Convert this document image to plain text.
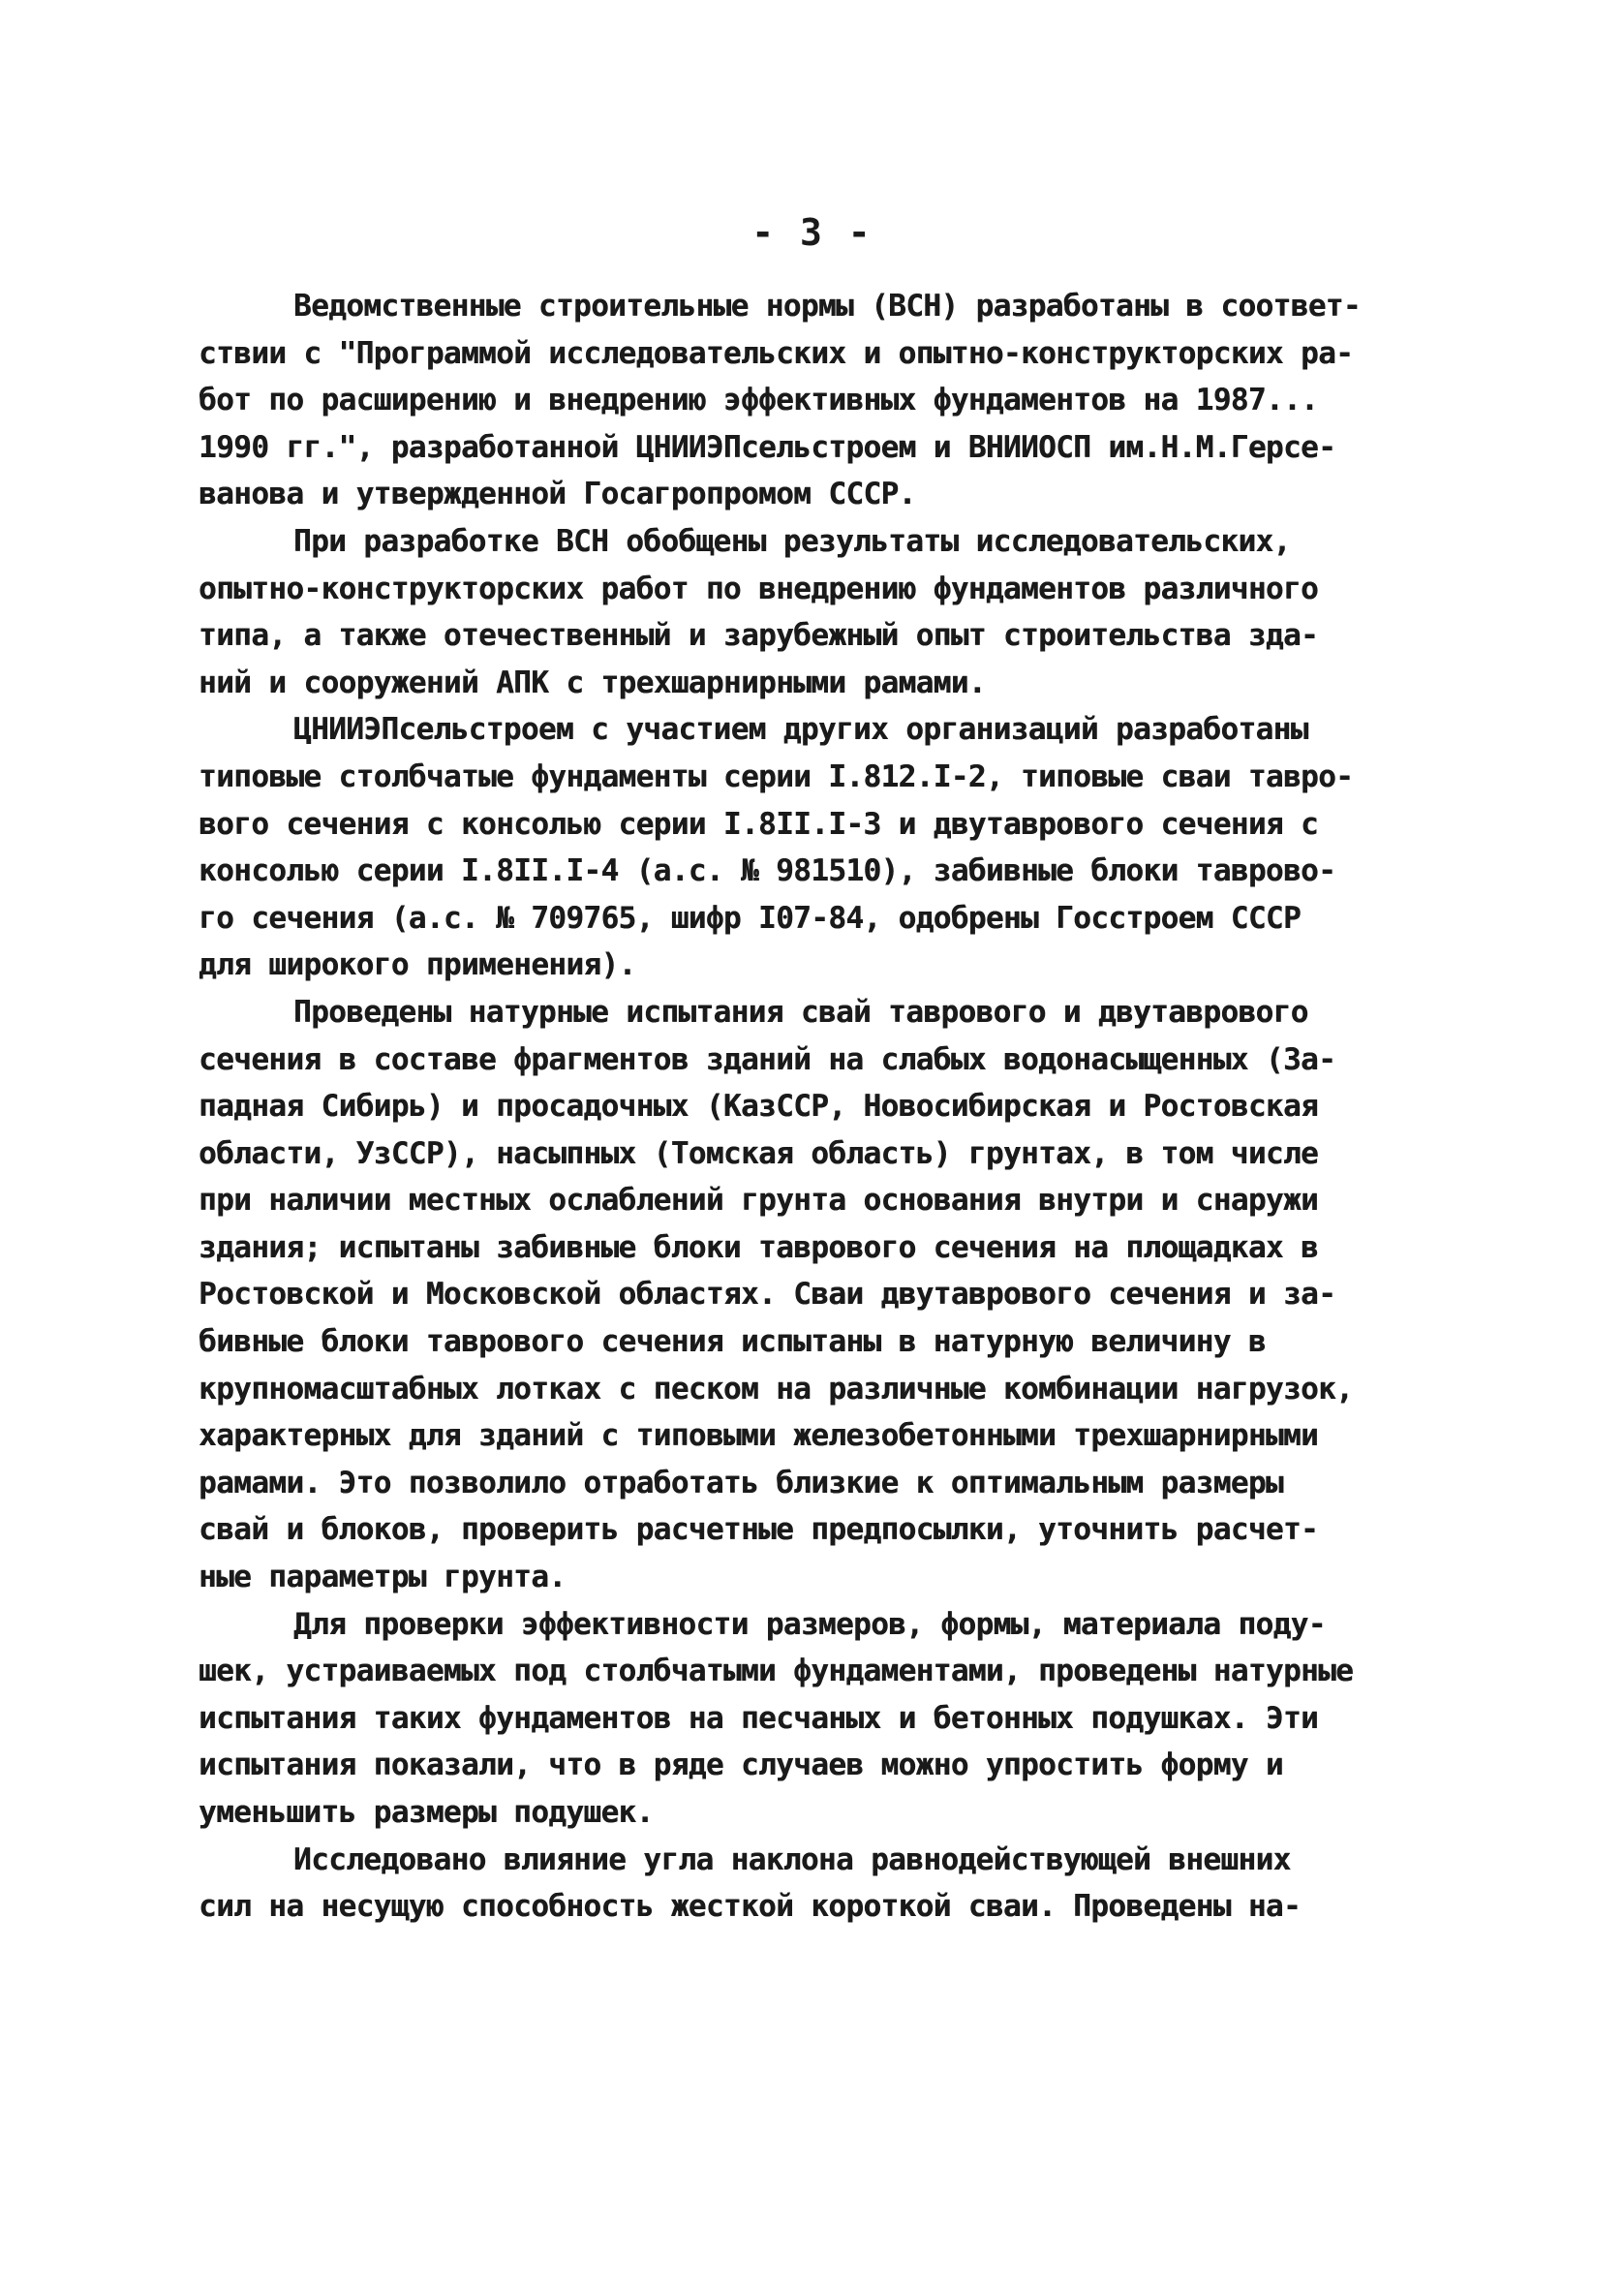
- 3 -
Ведомственные строительные нормы (ВСН) разработаны в соответ-
ствии с "Программой исследовательских и опытно-конструкторских ра-
бот по расширению и внедрению эффективных фундаментов на 1987...
1990 гг.", разработанной ЦНИИЭПсельстроем и ВНИИОСП им.Н.М.Герсе-
ванова и утвержденной Госагропромом СССР.
При разработке ВСН обобщены результаты исследовательских,
опытно-конструкторских работ по внедрению фундаментов различного
типа, а также отечественный и зарубежный опыт строительства зда-
ний и сооружений АПК с трехшарнирными рамами.
ЦНИИЭПсельстроем с участием других организаций разработаны
типовые столбчатые фундаменты серии I.812.I-2, типовые сваи тавро-
вого сечения с консолью серии I.8II.I-3 и двутаврового сечения с
консолью серии I.8II.I-4 (а.с. № 981510), забивные блоки таврово-
го сечения (а.с. № 709765, шифр I07-84, одобрены Госстроем СССР
для широкого применения).
Проведены натурные испытания свай таврового и двутаврового
сечения в составе фрагментов зданий на слабых водонасыщенных (За-
падная Сибирь) и просадочных (КазССР, Новосибирская и Ростовская
области, УзССР), насыпных (Томская область) грунтах, в том числе
при наличии местных ослаблений грунта основания внутри и снаружи
здания; испытаны забивные блоки таврового сечения на площадках в
Ростовской и Московской областях. Сваи двутаврового сечения и за-
бивные блоки таврового сечения испытаны в натурную величину в
крупномасштабных лотках с песком на различные комбинации нагрузок,
характерных для зданий с типовыми железобетонными трехшарнирными
рамами. Это позволило отработать близкие к оптимальным размеры
свай и блоков, проверить расчетные предпосылки, уточнить расчет-
ные параметры грунта.
Для проверки эффективности размеров, формы, материала поду-
шек, устраиваемых под столбчатыми фундаментами, проведены натурные
испытания таких фундаментов на песчаных и бетонных подушках. Эти
испытания показали, что в ряде случаев можно упростить форму и
уменьшить размеры подушек.
Исследовано влияние угла наклона равнодействующей внешних
сил на несущую способность жесткой короткой сваи. Проведены на-
